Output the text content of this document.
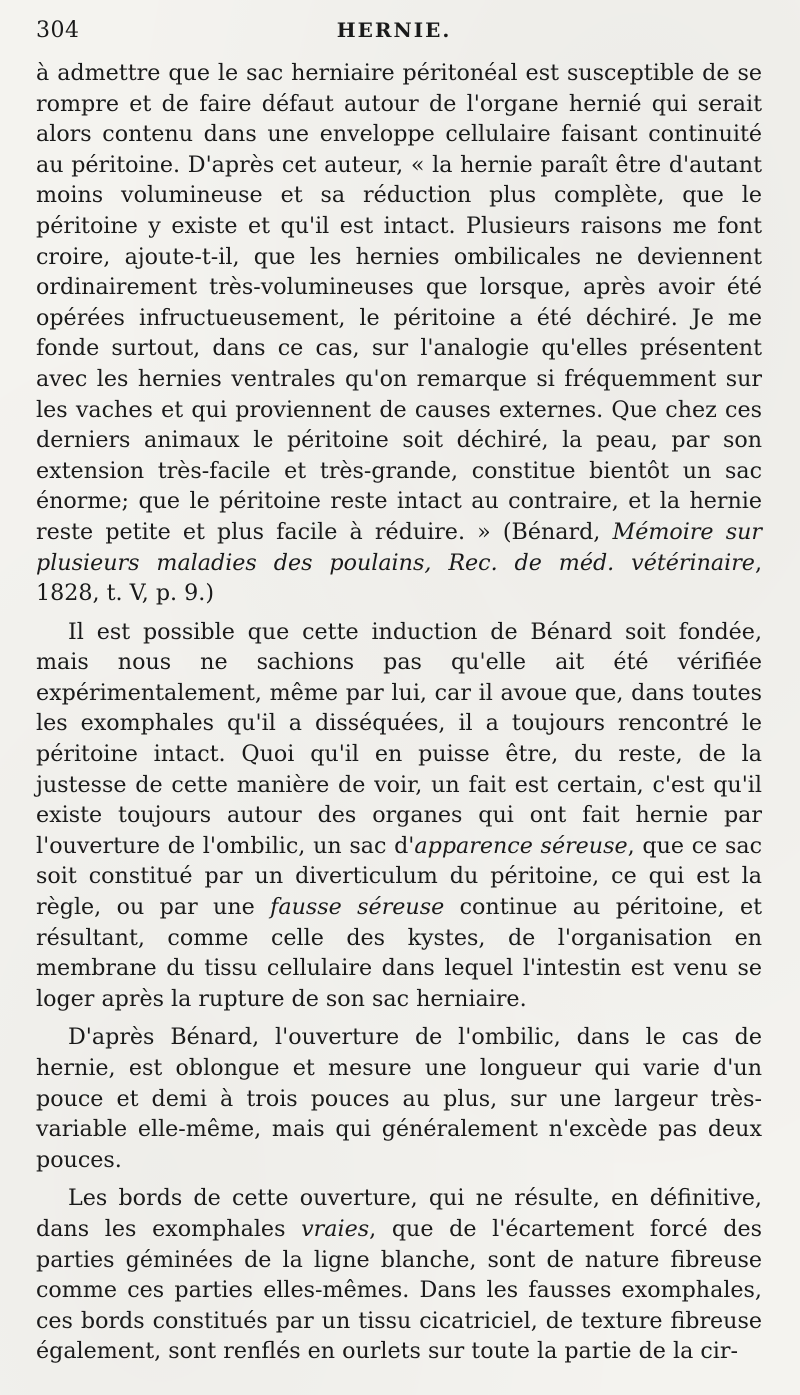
304	HERNIE.

à admettre que le sac herniaire péritonéal est susceptible de se rompre et de faire défaut autour de l'organe hernié qui serait alors contenu dans une enveloppe cellulaire faisant continuité au péritoine. D'après cet auteur, « la hernie paraît être d'autant moins volumineuse et sa réduction plus complète, que le péritoine y existe et qu'il est intact. Plusieurs raisons me font croire, ajoute-t-il, que les hernies ombilicales ne deviennent ordinairement très-volumineuses que lorsque, après avoir été opérées infructueusement, le péritoine a été déchiré. Je me fonde surtout, dans ce cas, sur l'analogie qu'elles présentent avec les hernies ventrales qu'on remarque si fréquemment sur les vaches et qui proviennent de causes externes. Que chez ces derniers animaux le péritoine soit déchiré, la peau, par son extension très-facile et très-grande, constitue bientôt un sac énorme; que le péritoine reste intact au contraire, et la hernie reste petite et plus facile à réduire. » (Bénard, Mémoire sur plusieurs maladies des poulains, Rec. de méd. vétérinaire, 1828, t. V, p. 9.)

Il est possible que cette induction de Bénard soit fondée, mais nous ne sachions pas qu'elle ait été vérifiée expérimentalement, même par lui, car il avoue que, dans toutes les exomphales qu'il a disséquées, il a toujours rencontré le péritoine intact. Quoi qu'il en puisse être, du reste, de la justesse de cette manière de voir, un fait est certain, c'est qu'il existe toujours autour des organes qui ont fait hernie par l'ouverture de l'ombilic, un sac d'apparence séreuse, que ce sac soit constitué par un diverticulum du péritoine, ce qui est la règle, ou par une fausse séreuse continue au péritoine, et résultant, comme celle des kystes, de l'organisation en membrane du tissu cellulaire dans lequel l'intestin est venu se loger après la rupture de son sac herniaire.

D'après Bénard, l'ouverture de l'ombilic, dans le cas de hernie, est oblongue et mesure une longueur qui varie d'un pouce et demi à trois pouces au plus, sur une largeur très-variable elle-même, mais qui généralement n'excède pas deux pouces.

Les bords de cette ouverture, qui ne résulte, en définitive, dans les exomphales vraies, que de l'écartement forcé des parties géminées de la ligne blanche, sont de nature fibreuse comme ces parties elles-mêmes. Dans les fausses exomphales, ces bords constitués par un tissu cicatriciel, de texture fibreuse également, sont renflés en ourlets sur toute la partie de la cir-
